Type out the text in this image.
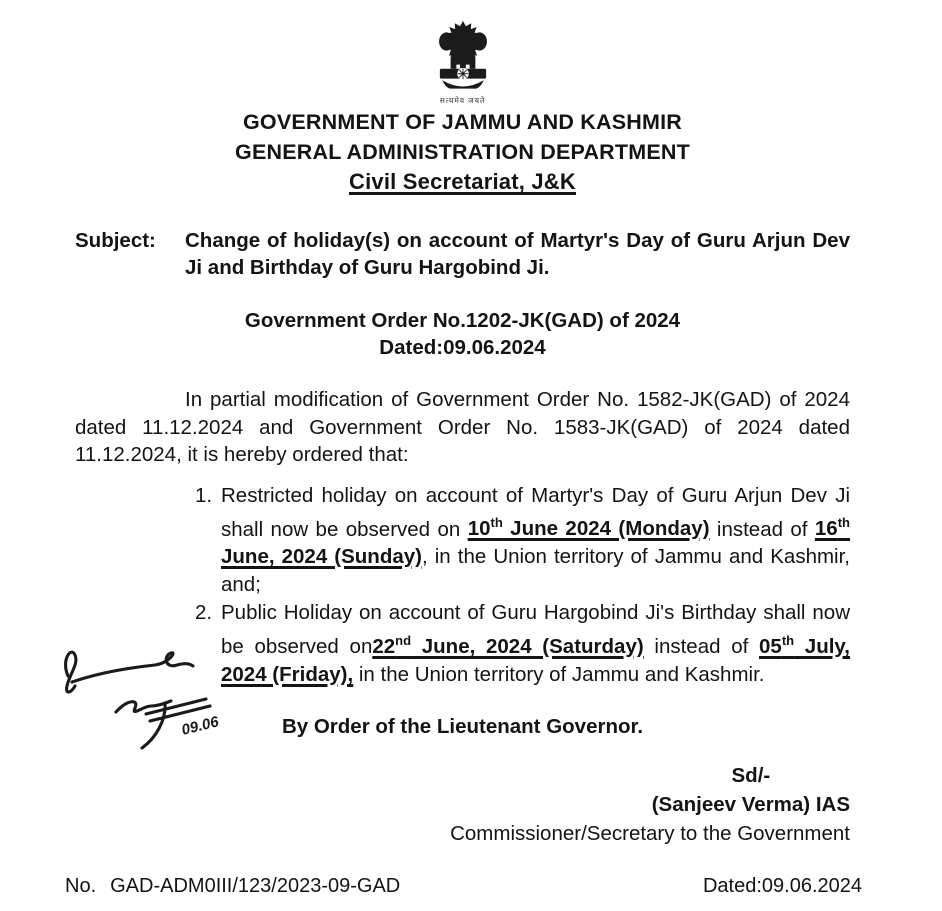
सत्यमेव जयते
GOVERNMENT OF JAMMU AND KASHMIR
GENERAL ADMINISTRATION DEPARTMENT
Civil Secretariat, J&K
Subject:	Change of holiday(s) on account of Martyr's Day of Guru Arjun Dev Ji and Birthday of Guru Hargobind Ji.
Government Order No.1202-JK(GAD) of 2024
Dated:09.06.2024

In partial modification of Government Order No. 1582-JK(GAD) of 2024 dated 11.12.2024 and Government Order No. 1583-JK(GAD) of 2024 dated 11.12.2024, it is hereby ordered that:

1. Restricted holiday on account of Martyr's Day of Guru Arjun Dev Ji shall now be observed on 10th June 2024 (Monday) instead of 16th June, 2024 (Sunday), in the Union territory of Jammu and Kashmir, and;
2. Public Holiday on account of Guru Hargobind Ji's Birthday shall now be observed on22nd June, 2024 (Saturday) instead of 05th July, 2024 (Friday), in the Union territory of Jammu and Kashmir.
By Order of the Lieutenant Governor.
Sd/-
(Sanjeev Verma) IAS
Commissioner/Secretary to the Government
09.06
No. GAD-ADM0III/123/2023-09-GAD	Dated:09.06.2024
